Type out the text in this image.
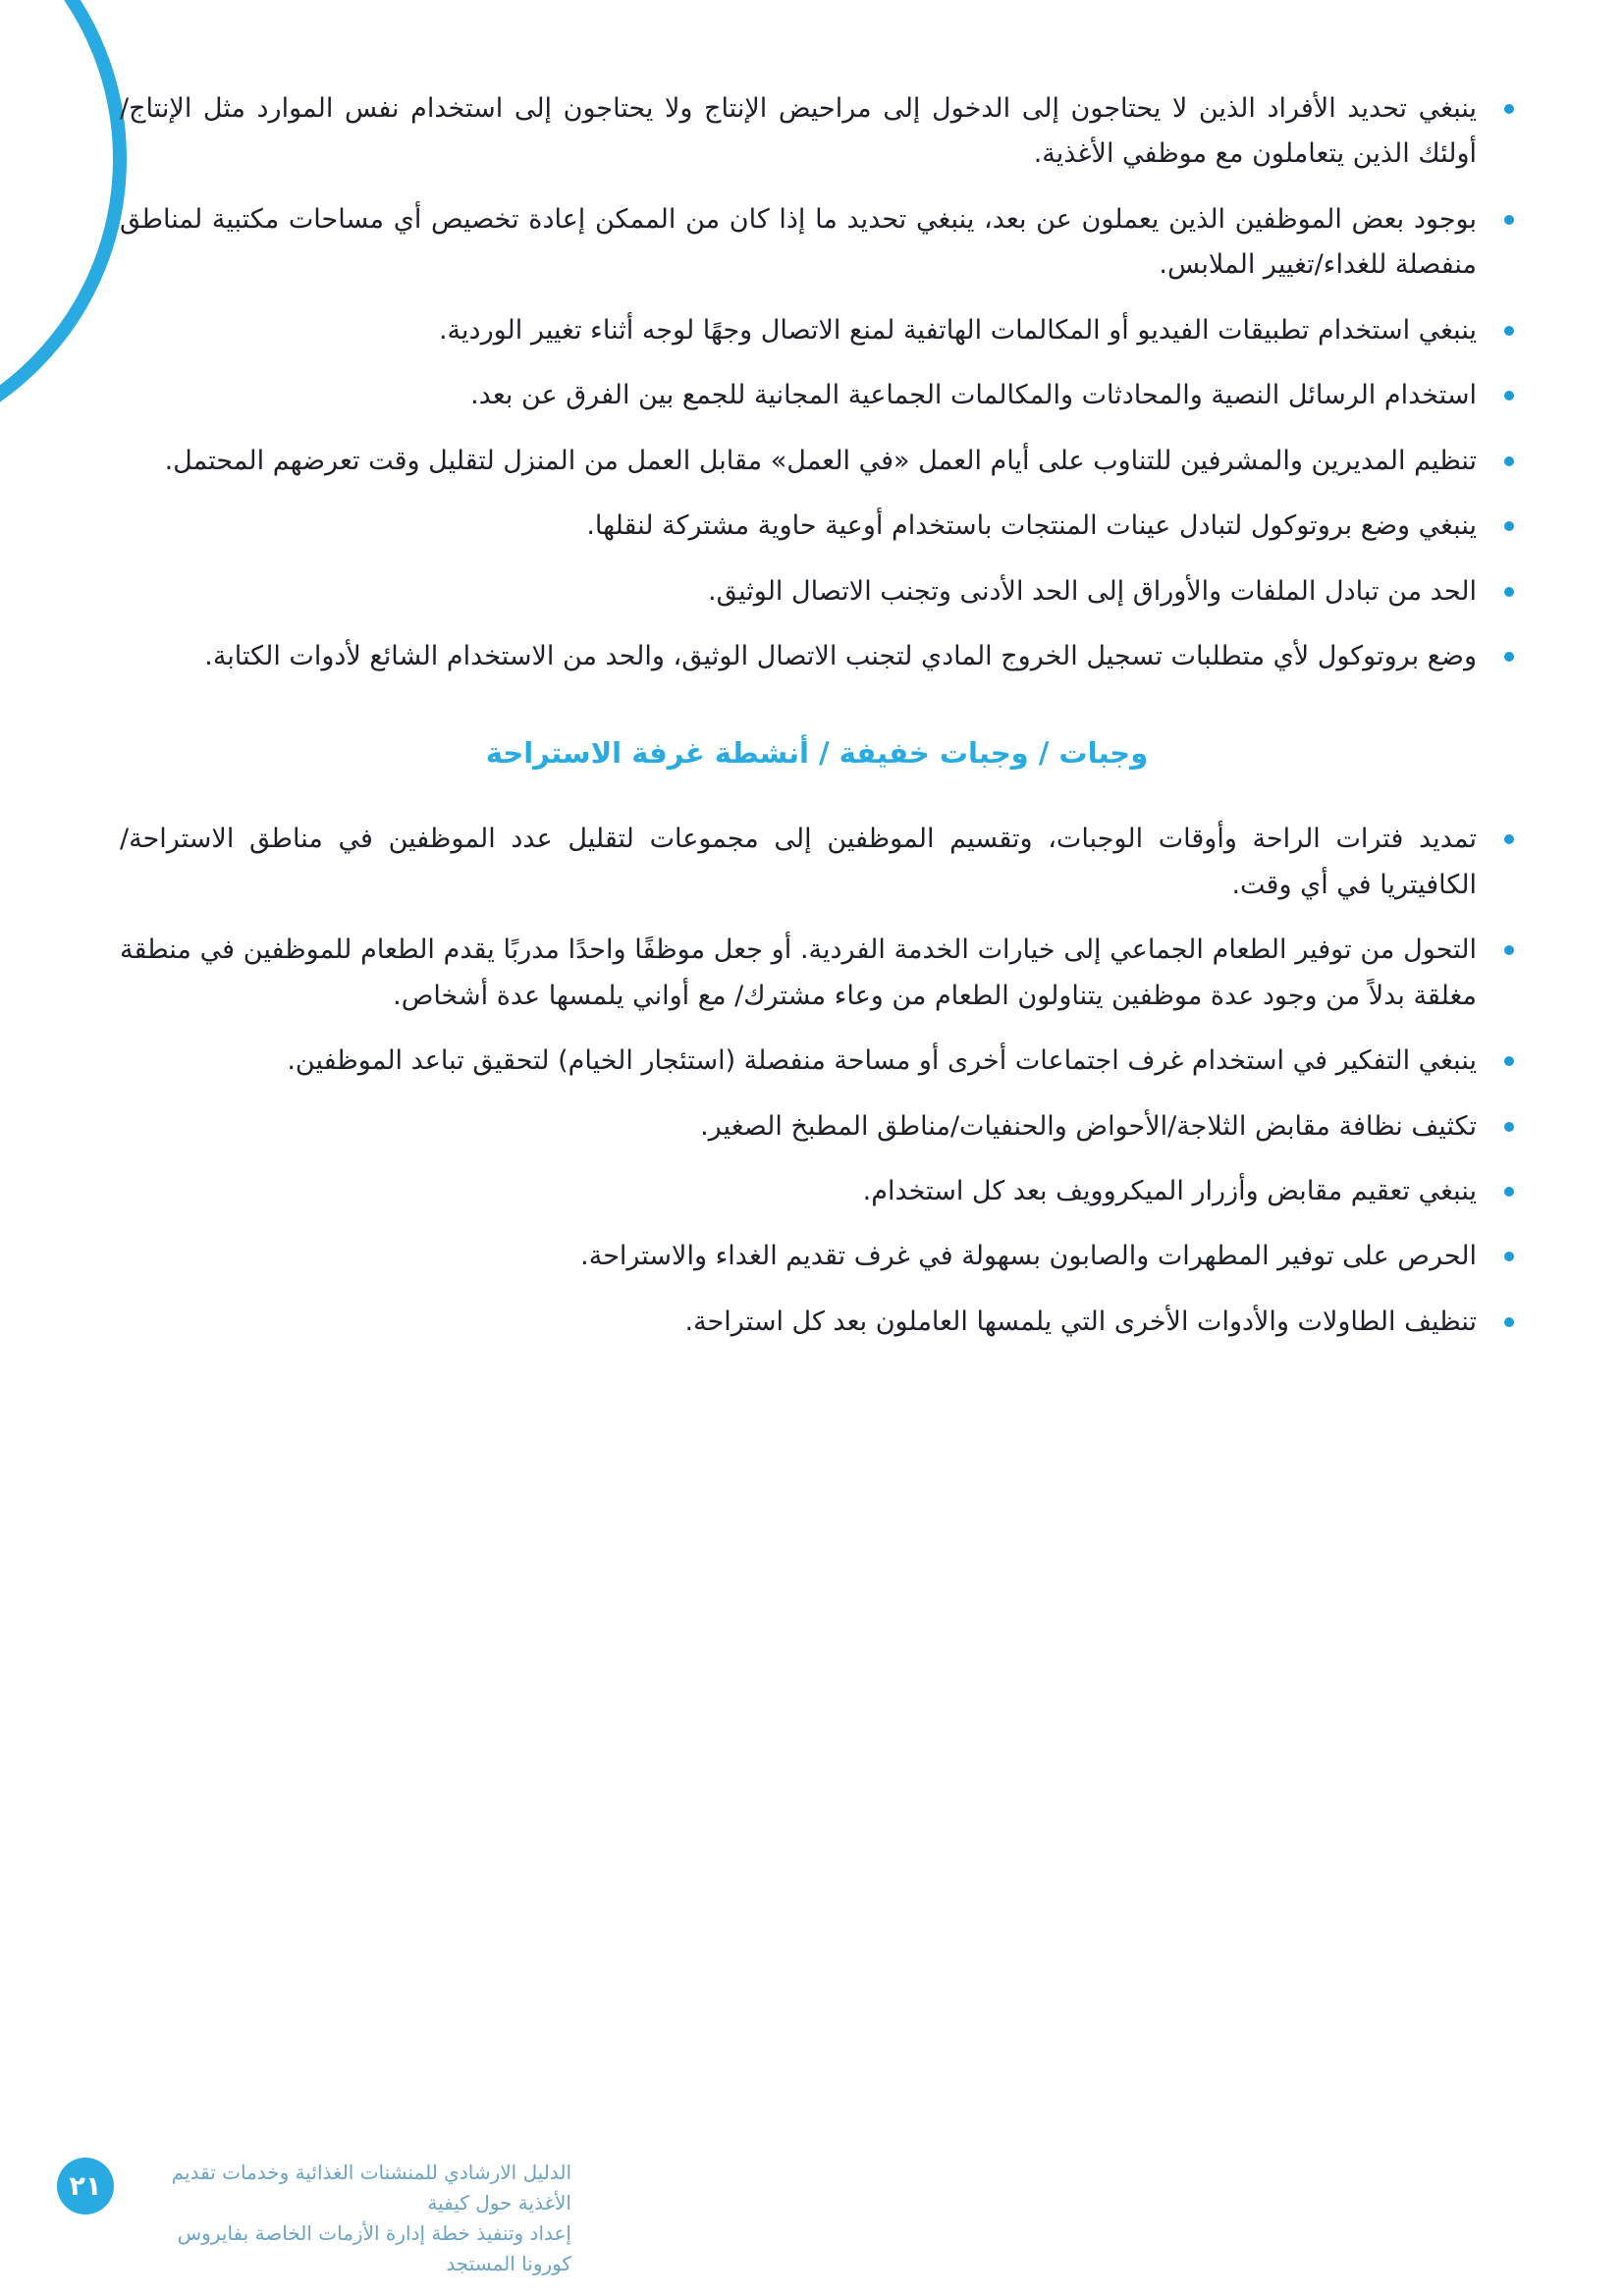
ينبغي تحديد الأفراد الذين لا يحتاجون إلى الدخول إلى مراحيض الإنتاج ولا يحتاجون إلى استخدام نفس الموارد مثل الإنتاج/أولئك الذين يتعاملون مع موظفي الأغذية.
بوجود بعض الموظفين الذين يعملون عن بعد، ينبغي تحديد ما إذا كان من الممكن إعادة تخصيص أي مساحات مكتبية لمناطق منفصلة للغداء/تغيير الملابس.
ينبغي استخدام تطبيقات الفيديو أو المكالمات الهاتفية لمنع الاتصال وجهًا لوجه أثناء تغيير الوردية.
استخدام الرسائل النصية والمحادثات والمكالمات الجماعية المجانية للجمع بين الفرق عن بعد.
تنظيم المديرين والمشرفين للتناوب على أيام العمل «في العمل» مقابل العمل من المنزل لتقليل وقت تعرضهم المحتمل.
ينبغي وضع بروتوكول لتبادل عينات المنتجات باستخدام أوعية حاوية مشتركة لنقلها.
الحد من تبادل الملفات والأوراق إلى الحد الأدنى وتجنب الاتصال الوثيق.
وضع بروتوكول لأي متطلبات تسجيل الخروج المادي لتجنب الاتصال الوثيق، والحد من الاستخدام الشائع لأدوات الكتابة.
وجبات / وجبات خفيفة / أنشطة غرفة الاستراحة
تمديد فترات الراحة وأوقات الوجبات، وتقسيم الموظفين إلى مجموعات لتقليل عدد الموظفين في مناطق الاستراحة/ الكافيتريا في أي وقت.
التحول من توفير الطعام الجماعي إلى خيارات الخدمة الفردية. أو جعل موظفًا واحدًا مدربًا يقدم الطعام للموظفين في منطقة مغلقة بدلاً من وجود عدة موظفين يتناولون الطعام من وعاء مشترك/ مع أواني يلمسها عدة أشخاص.
ينبغي التفكير في استخدام غرف اجتماعات أخرى أو مساحة منفصلة (استئجار الخيام) لتحقيق تباعد الموظفين.
تكثيف نظافة مقابض الثلاجة/الأحواض والحنفيات/مناطق المطبخ الصغير.
ينبغي تعقيم مقابض وأزرار الميكروويف بعد كل استخدام.
الحرص على توفير المطهرات والصابون بسهولة في غرف تقديم الغداء والاستراحة.
تنظيف الطاولات والأدوات الأخرى التي يلمسها العاملون بعد كل استراحة.
٢١	الدليل الارشادي للمنشنات الغذائية وخدمات تقديم الأغذية حول كيفية
إعداد وتنفيذ خطة إدارة الأزمات الخاصة بفايروس كورونا المستجد
